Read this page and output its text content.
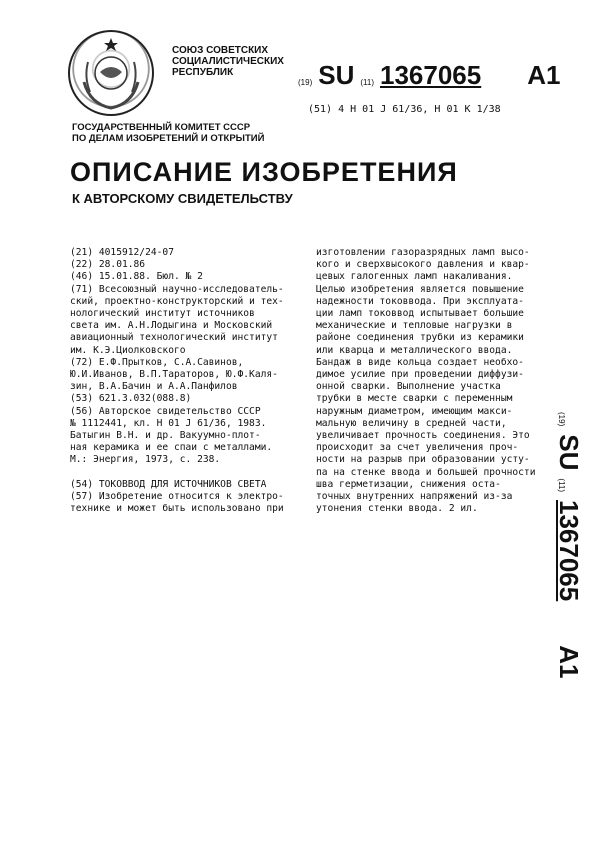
СОЮЗ СОВЕТСКИХ
СОЦИАЛИСТИЧЕСКИХ
РЕСПУБЛИК
(19) SU (11) 1367065 A1
(51) 4 Н 01 J 61/36, Н 01 К 1/38
ГОСУДАРСТВЕННЫЙ КОМИТЕТ СССР
ПО ДЕЛАМ ИЗОБРЕТЕНИЙ И ОТКРЫТИЙ
ОПИСАНИЕ ИЗОБРЕТЕНИЯ
К АВТОРСКОМУ СВИДЕТЕЛЬСТВУ
(21) 4015912/24-07
(22) 28.01.86
(46) 15.01.88. Бюл. № 2
(71) Всесоюзный научно-исследователь-
ский, проектно-конструкторский и тех-
нологический институт источников
света им. А.Н.Лодыгина и Московский
авиационный технологический институт
им. К.Э.Циолковского
(72) Е.Ф.Прытков, С.А.Савинов,
Ю.И.Иванов, В.П.Тараторов, Ю.Ф.Каля-
зин, В.А.Бачин и А.А.Панфилов
(53) 621.3.032(088.8)
(56) Авторское свидетельство СССР
№ 1112441, кл. Н 01 J 61/36, 1983.
Батыгин В.Н. и др. Вакуумно-плот-
ная керамика и ее спаи с металлами.
М.: Энергия, 1973, с. 238.

(54) ТОКОВВОД ДЛЯ ИСТОЧНИКОВ СВЕТА
(57) Изобретение относится к электро-
технике и может быть использовано при
изготовлении газоразрядных ламп высо-
кого и сверхвысокого давления и квар-
цевых галогенных ламп накаливания.
Целью изобретения является повышение
надежности токоввода. При эксплуата-
ции ламп токоввод испытывает большие
механические и тепловые нагрузки в
районе соединения трубки из керамики
или кварца и металлического ввода.
Бандаж в виде кольца создает необхо-
димое усилие при проведении диффузи-
онной сварки. Выполнение участка
трубки в месте сварки с переменным
наружным диаметром, имеющим макси-
мальную величину в средней части,
увеличивает прочность соединения. Это
происходит за счет увеличения проч-
ности на разрыв при образовании усту-
па на стенке ввода и большей прочности
шва герметизации, снижения оста-
точных внутренних напряжений из-за
утонения стенки ввода. 2 ил.
(19)
SU
(11)
1367065
A1
